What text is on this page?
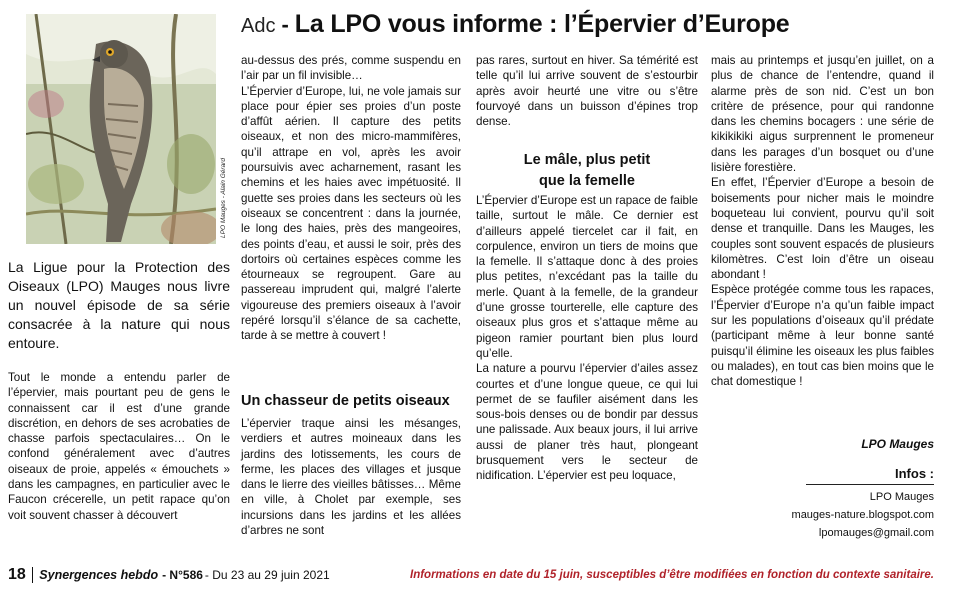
LPO Mauges - Alain Gérard
Adc - La LPO vous informe : l’Épervier d’Europe
La Ligue pour la Protection des Oiseaux (LPO) Mauges nous livre un nouvel épisode de sa série consacrée à la nature qui nous entoure.

Tout le monde a entendu parler de l’épervier, mais pourtant peu de gens le connaissent car il est d’une grande discrétion, en dehors de ses acrobaties de chasse parfois spectaculaires… On le confond généralement avec d’autres oiseaux de proie, appelés « émouchets » dans les campagnes, en particulier avec le Faucon crécerelle, un petit rapace qu’on voit souvent chasser à découvert

au-dessus des prés, comme suspendu en l’air par un fil invisible…

L’Épervier d’Europe, lui, ne vole jamais sur place pour épier ses proies d’un poste d’affût aérien. Il capture des petits oiseaux, et non des micro-mammifères, qu’il attrape en vol, après les avoir poursuivis avec acharnement, rasant les chemins et les haies avec impétuosité. Il guette ses proies dans les secteurs où les oiseaux se concentrent : dans la journée, le long des haies, près des mangeoires, des points d’eau, et aussi le soir, près des dortoirs où certaines espèces comme les étourneaux se regroupent. Gare au passereau imprudent qui, malgré l’alerte vigoureuse des premiers oiseaux à l’avoir repéré lorsqu’il s’élance de sa cachette, tarde à se mettre à couvert !

Un chasseur de petits oiseaux

L’épervier traque ainsi les mésanges, verdiers et autres moineaux dans les jardins des lotissements, les cours de ferme, les places des villages et jusque dans le lierre des vieilles bâtisses… Même en ville, à Cholet par exemple, ses incursions dans les jardins et les allées d’arbres ne sont

pas rares, surtout en hiver. Sa témérité est telle qu’il lui arrive souvent de s’estourbir après avoir heurté une vitre ou s’être fourvoyé dans un buisson d’épines trop dense.

Le mâle, plus petit
que la femelle

L’Épervier d’Europe est un rapace de faible taille, surtout le mâle. Ce dernier est d’ailleurs appelé tiercelet car il fait, en corpulence, environ un tiers de moins que la femelle. Il s’attaque donc à des proies plus petites, n’excédant pas la taille du merle. Quant à la femelle, de la grandeur d’une grosse tourterelle, elle capture des oiseaux plus gros et s’attaque même au pigeon ramier pourtant bien plus lourd qu’elle.

La nature a pourvu l’épervier d’ailes assez courtes et d’une longue queue, ce qui lui permet de se faufiler aisément dans les sous-bois denses ou de bondir par dessus une palissade. Aux beaux jours, il lui arrive aussi de planer très haut, plongeant brusquement vers le secteur de nidification. L’épervier est peu loquace,

mais au printemps et jusqu’en juillet, on a plus de chance de l’entendre, quand il alarme près de son nid. C’est un bon critère de présence, pour qui randonne dans les chemins bocagers : une série de kikikikiki aigus surprennent le promeneur dans les parages d’un bosquet ou d’une lisière forestière.

En effet, l’Épervier d’Europe a besoin de boisements pour nicher mais le moindre boqueteau lui convient, pourvu qu’il soit dense et tranquille. Dans les Mauges, les couples sont souvent espacés de plusieurs kilomètres. C’est loin d’être un oiseau abondant !

Espèce protégée comme tous les rapaces, l’Épervier d’Europe n’a qu’un faible impact sur les populations d’oiseaux qu’il prédate (participant même à leur bonne santé puisqu’il élimine les oiseaux les plus faibles ou malades), en tout cas bien moins que le chat domestique !

LPO Mauges
Infos :
LPO Mauges
mauges-nature.blogspot.com
lpomauges@gmail.com
18 Synergences hebdo - N°586 - Du 23 au 29 juin 2021	Informations en date du 15 juin, susceptibles d’être modifiées en fonction du contexte sanitaire.
